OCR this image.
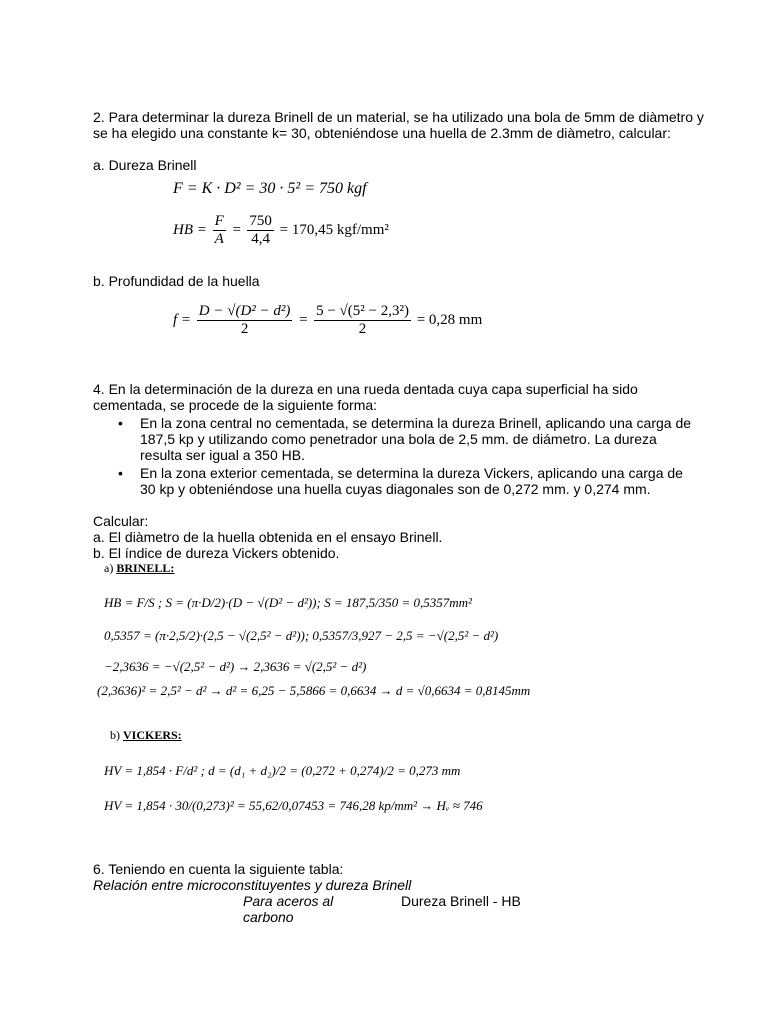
2. Para determinar la dureza Brinell de un material, se ha utilizado una bola de 5mm de diàmetro y se ha elegido una constante k= 30, obteniéndose una huella de 2.3mm de diàmetro, calcular:
a. Dureza Brinell
F = K · D² = 30 · 5² = 750 kgf
HB = $\frac{F}{A} = \frac{750}{4,4} = 170,45$ kgf/mm²
b. Profundidad de la huella
$f = \frac{\text{D − √(D² − d²)}}{2} = \frac{\text{5 − √(5² − 2,3²)}}{2} = 0,28$ mm
4. En la determinación de la dureza en una rueda dentada cuya capa superficial ha sido cementada, se procede de la siguiente forma:
• En la zona central no cementada, se determina la dureza Brinell, aplicando una carga de 187,5 kp y utilizando como penetrador una bola de 2,5 mm. de diámetro. La dureza resulta ser igual a 350 HB.
• En la zona exterior cementada, se determina la dureza Vickers, aplicando una carga de 30 kp y obteniéndose una huella cuyas diagonales son de 0,272 mm. y 0,274 mm.
Calcular:
a. El diàmetro de la huella obtenida en el ensayo Brinell.
b. El índice de dureza Vickers obtenido.
a) BRINELL:
HB = F/S ; S = (π·D/2)·(D − √(D² − d²)); S = 187,5/350 = 0,5357mm²
0,5357 = (π·2,5/2)·(2,5 − √(2,5² − d²)); 0,5357/3,927 − 2,5 = −√(2,5² − d²)
−2,3636 = −√(2,5² − d²) → 2,3636 = √(2,5² − d²)
(2,3636)² = 2,5² − d² → d² = 6,25 − 5,5866 = 0,6634 → d = √0,6634 = 0,8145mm
b) VICKERS:
HV = 1,854 · F/d² ; d = (d₁ + d₂)/2 = (0,272 + 0,274)/2 = 0,273 mm
HV = 1,854 · 30/(0,273)² = 55,62/0,07453 = 746,28 kp/mm² → Hᵥ ≈ 746
6. Teniendo en cuenta la siguiente tabla:
Relación entre microconstituyentes y dureza Brinell
Para aceros al carbono
Dureza Brinell - HB
